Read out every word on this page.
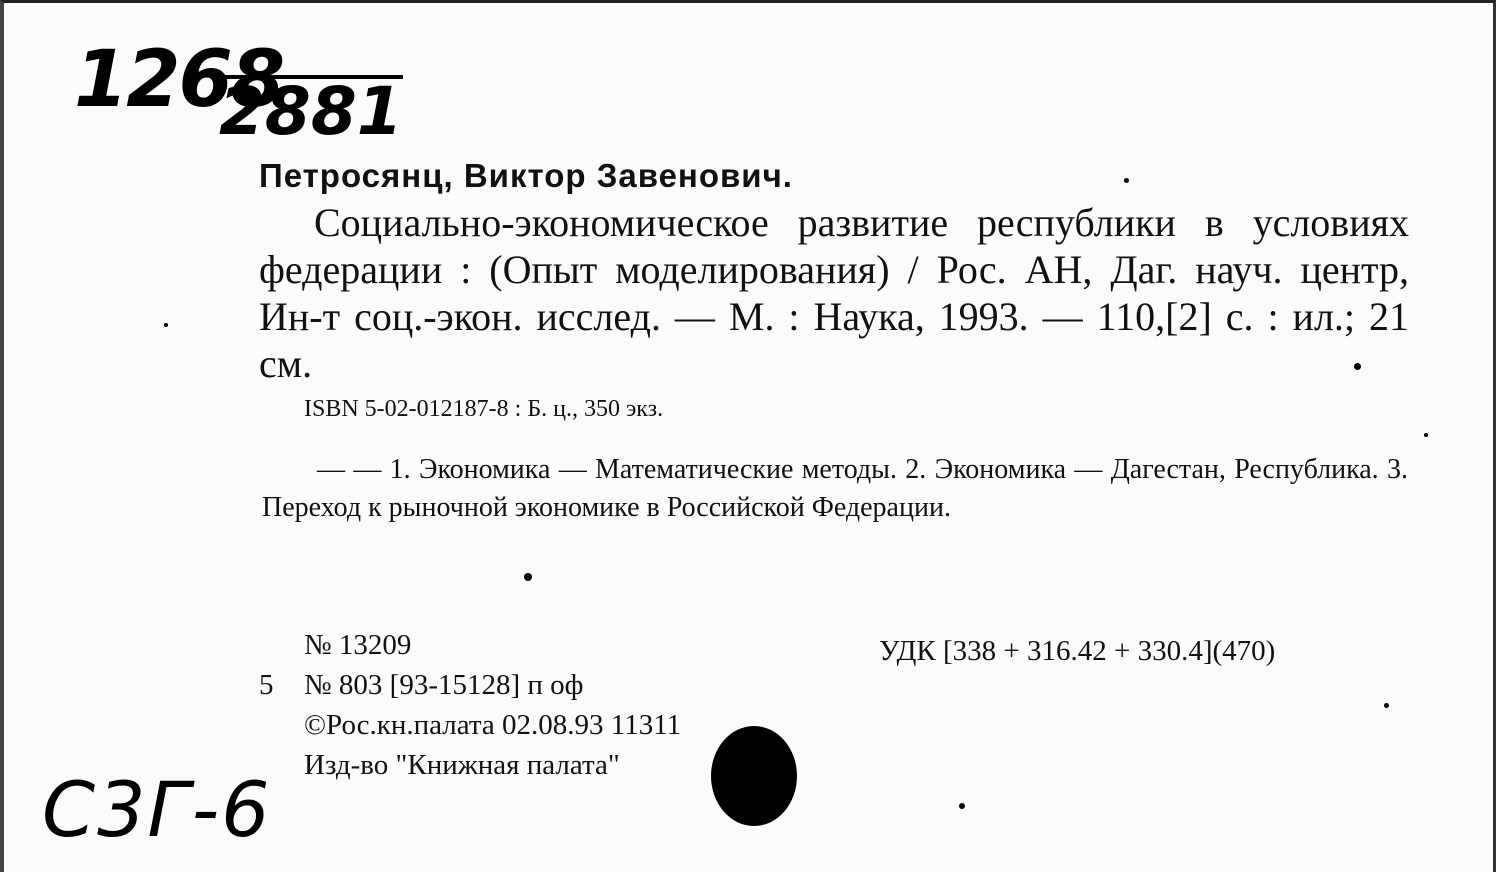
1268
2881

Петросянц, Виктор Завенович.

Социально-экономическое развитие республики в условиях федерации : (Опыт моделирования) / Рос. АН, Даг. науч. центр, Ин-т соц.-экон. исслед. — М. : Наука, 1993. — 110,[2] с. : ил.; 21 см.

ISBN 5-02-012187-8 : Б. ц., 350 экз.

— — 1. Экономика — Математические методы. 2. Экономика — Дагестан, Республика. 3. Переход к рыночной экономике в Российской Федерации.
№ 13209
5	№ 803 [93-15128] п оф
©Рос.кн.палата 02.08.93 11311
Изд-во "Книжная палата"
УДК [338 + 316.42 + 330.4](470)
С3Г-6
